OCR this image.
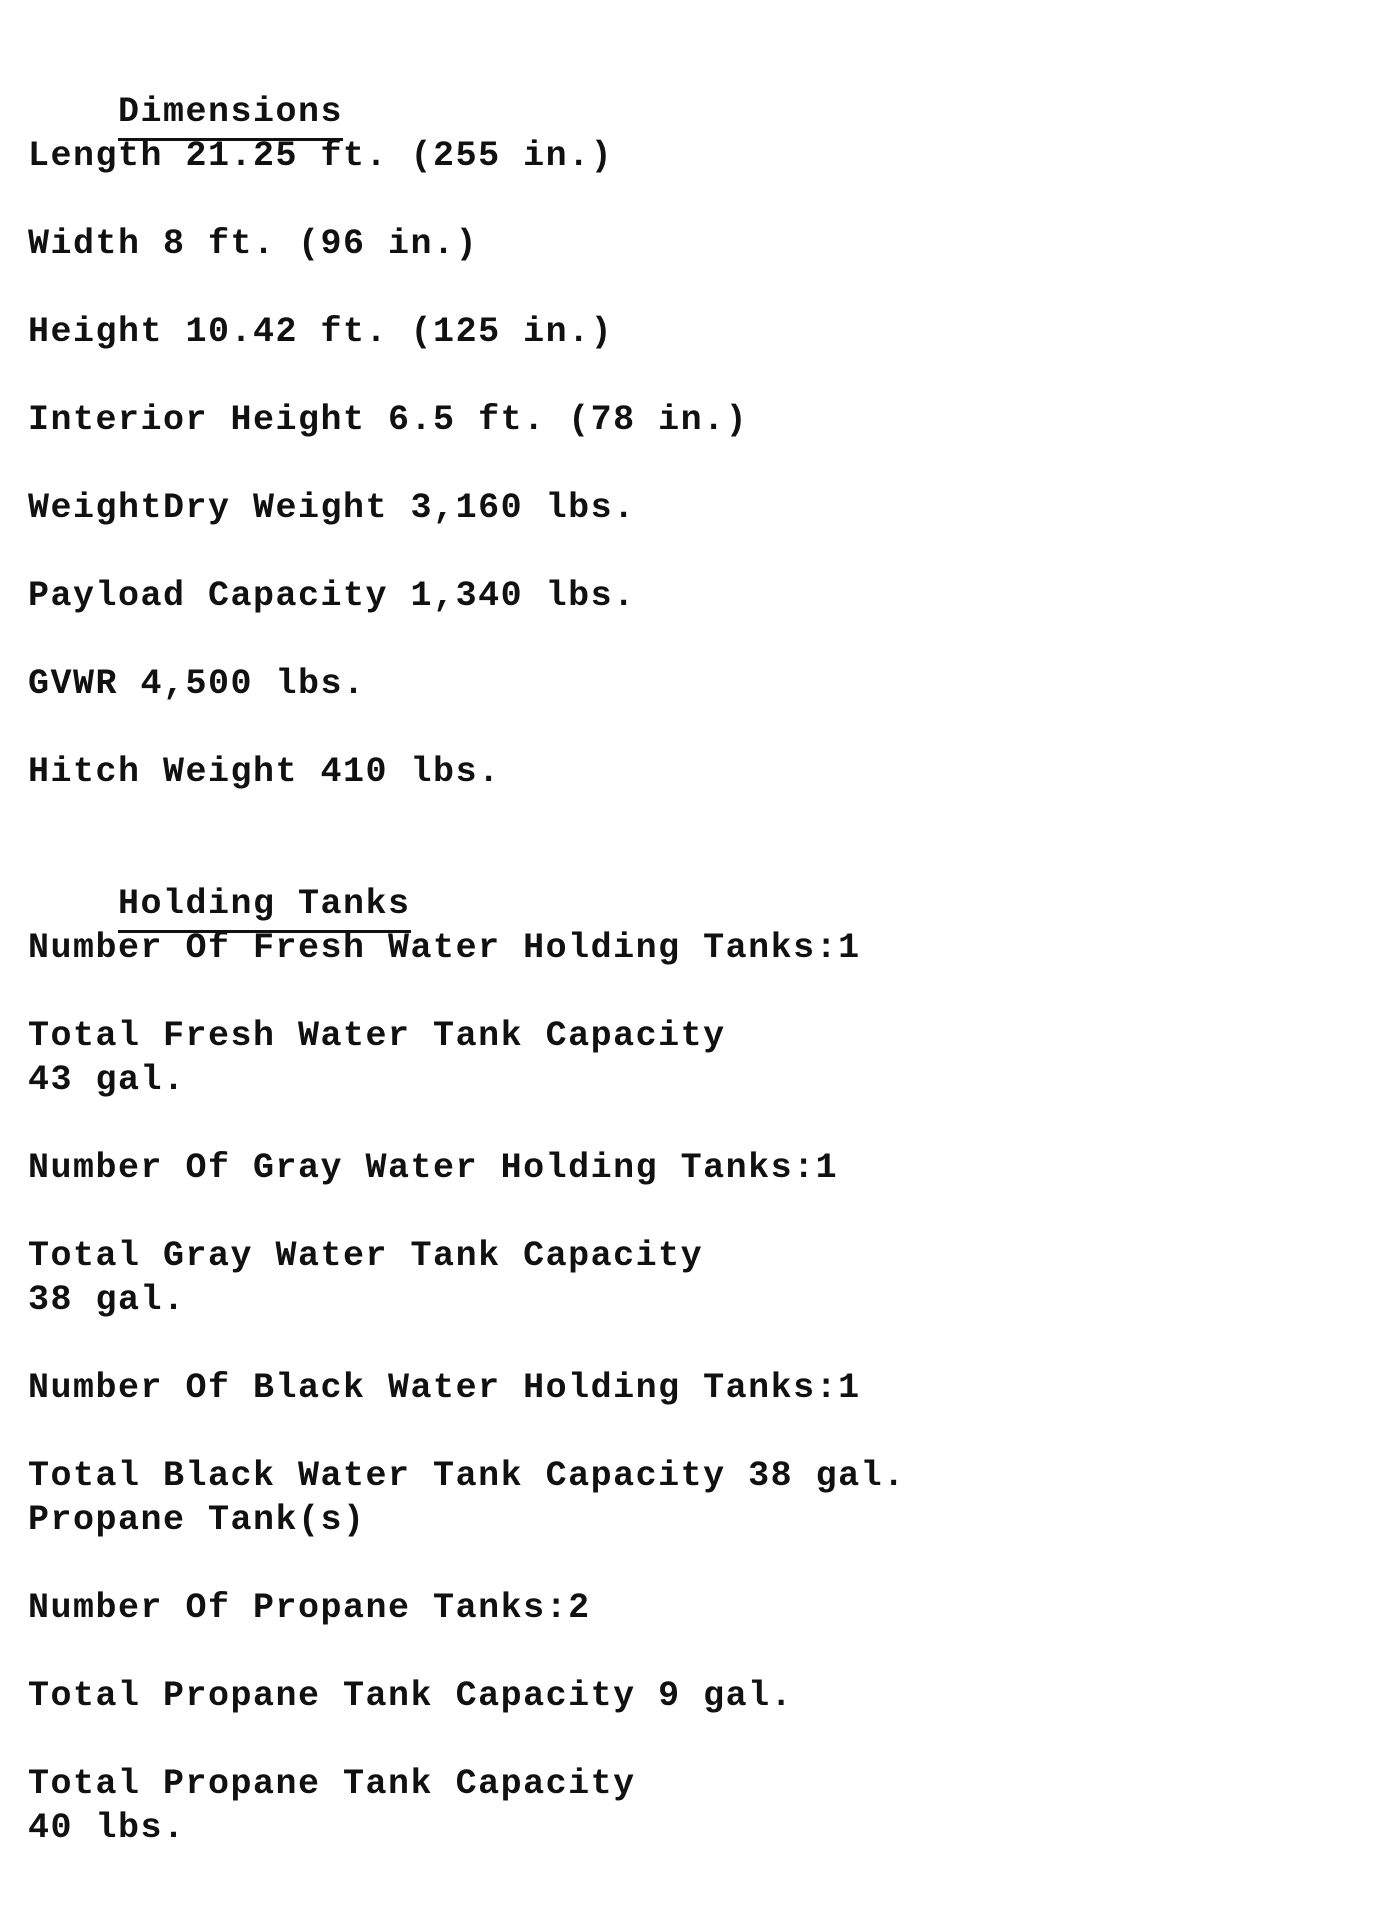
Dimensions

Length 21.25 ft. (255 in.)
Width 8 ft. (96 in.)
Height 10.42 ft. (125 in.)
Interior Height 6.5 ft. (78 in.)
WeightDry Weight 3,160 lbs.
Payload Capacity 1,340 lbs.
GVWR 4,500 lbs.
Hitch Weight 410 lbs.

Holding Tanks

Number Of Fresh Water Holding Tanks:1
Total Fresh Water Tank Capacity
43 gal.
Number Of Gray Water Holding Tanks:1
Total Gray Water Tank Capacity
38 gal.
Number Of Black Water Holding Tanks:1
Total Black Water Tank Capacity 38 gal.
Propane Tank(s)
Number Of Propane Tanks:2
Total Propane Tank Capacity 9 gal.
Total Propane Tank Capacity
40 lbs.
